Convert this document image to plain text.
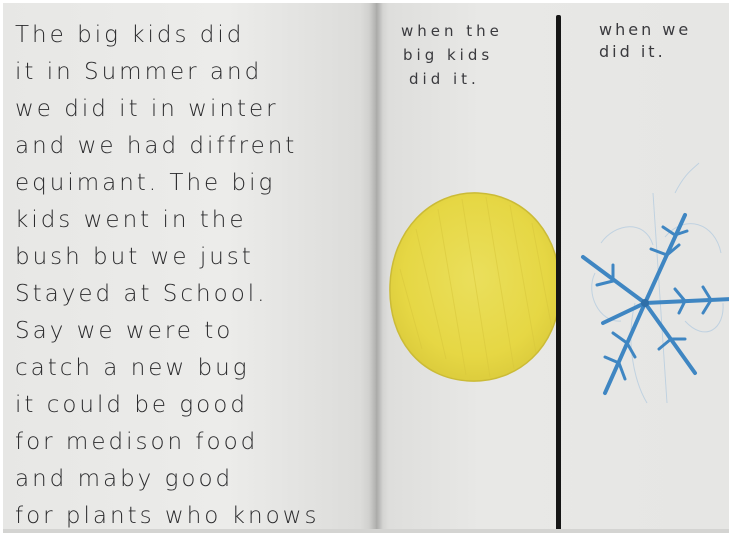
The big kids did
it in Summer and
we did it in winter
and we had diffrent
equimant. The big
kids went in the
bush but we just
Stayed at School.
Say we were to
catch a new bug
it could be good
for medison food
and maby good
for plants who knows
when the
big kids
did it.
when we
did it.
